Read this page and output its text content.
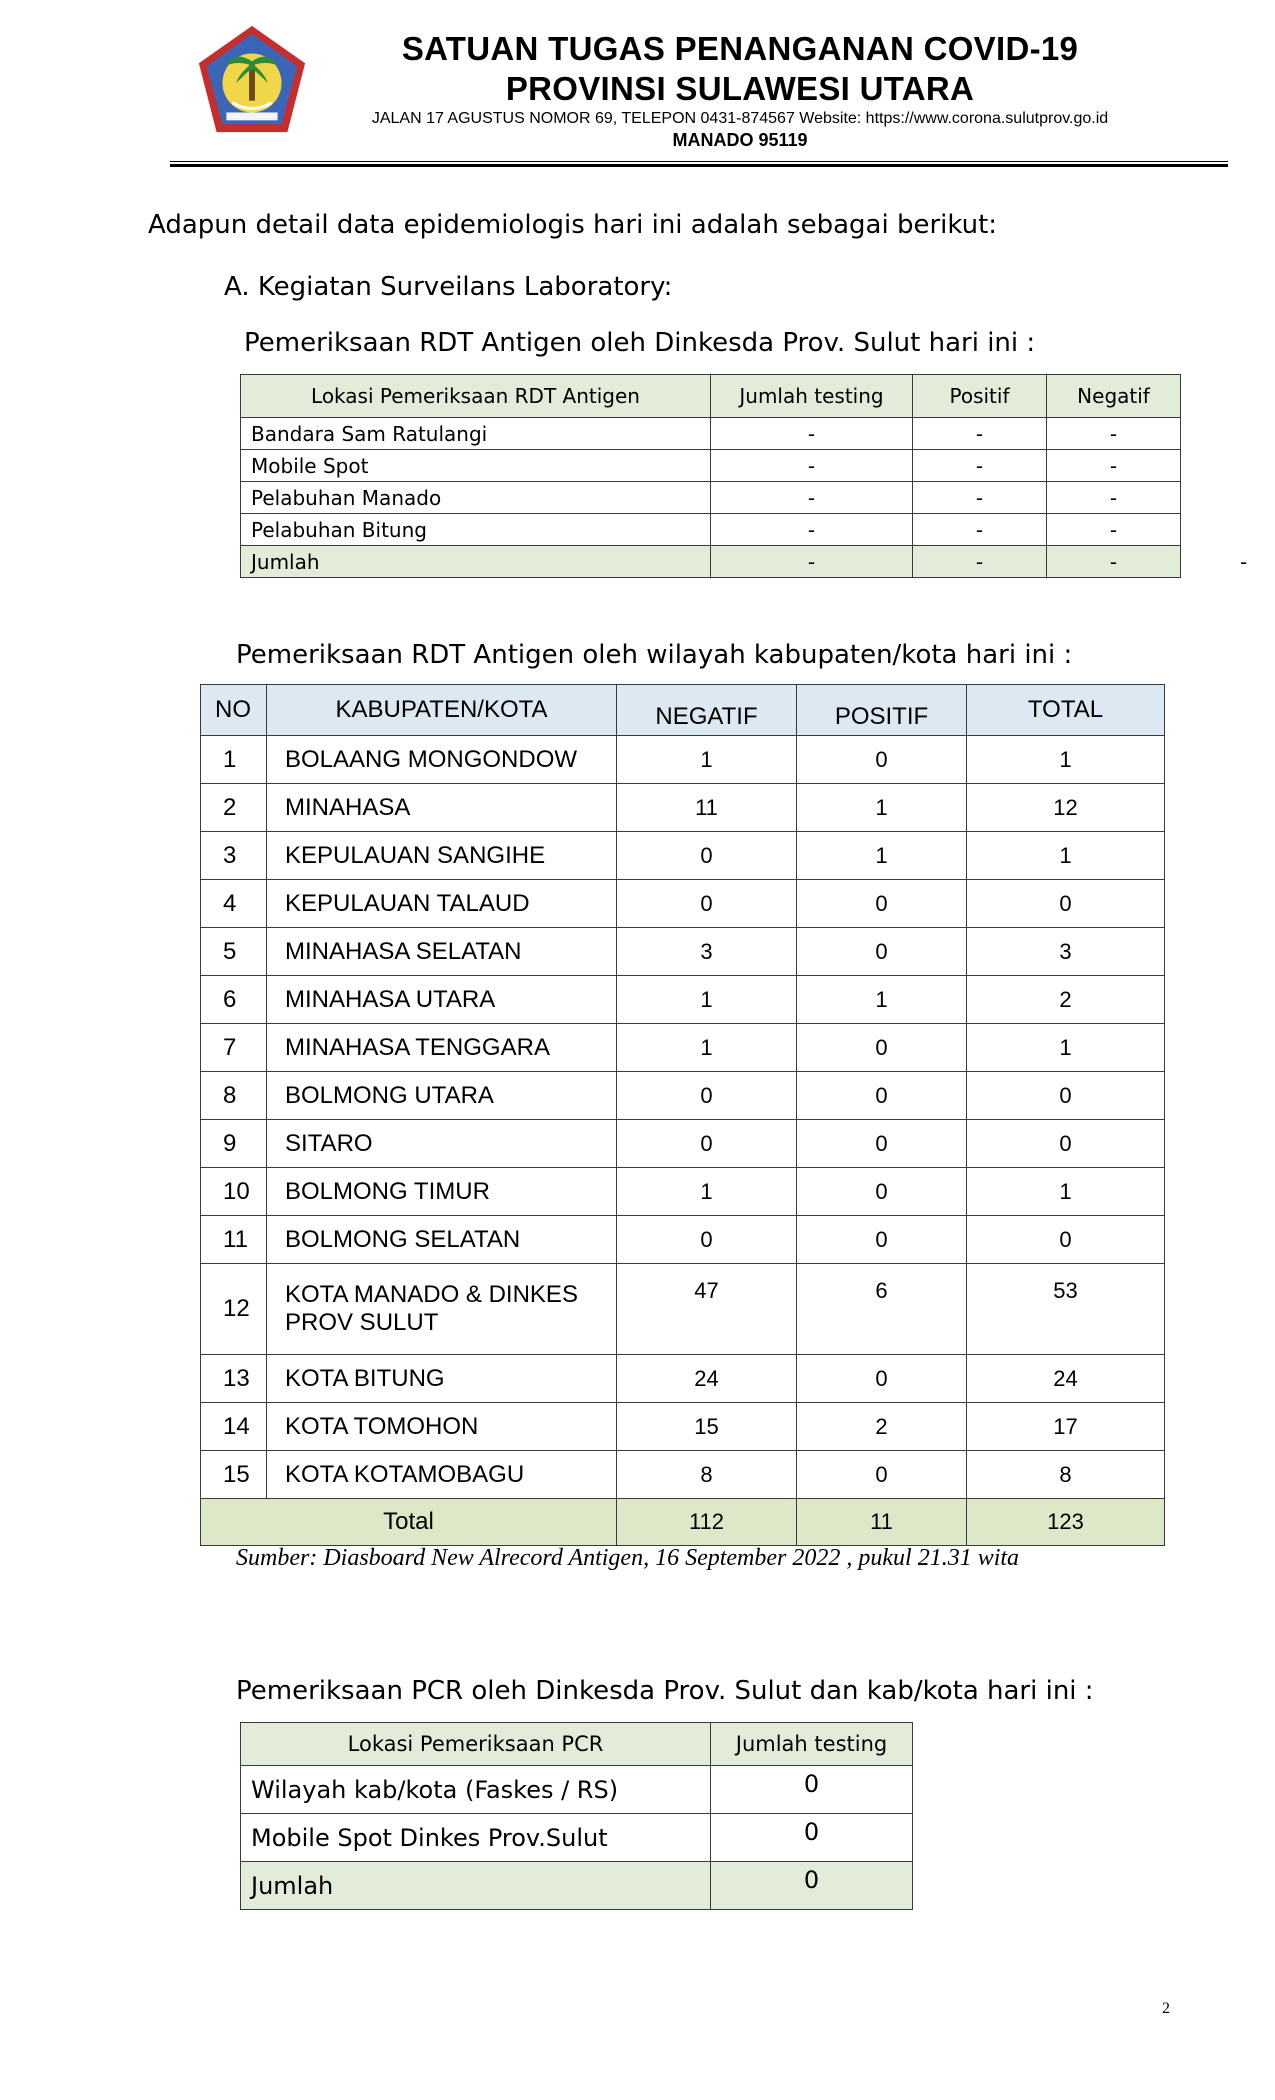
SATUAN TUGAS PENANGANAN COVID-19
PROVINSI SULAWESI UTARA
JALAN 17 AGUSTUS NOMOR 69, TELEPON 0431-874567 Website: https://www.corona.sulutprov.go.id
MANADO 95119
Adapun detail data epidemiologis hari ini adalah sebagai berikut:
A. Kegiatan Surveilans Laboratory:
Pemeriksaan RDT Antigen oleh Dinkesda Prov. Sulut hari ini :
Lokasi Pemeriksaan RDT Antigen	Jumlah testing	Positif	Negatif
Bandara Sam Ratulangi	-	-	-
Mobile Spot	-	-	-
Pelabuhan Manado	-	-	-
Pelabuhan Bitung	-	-	-
Jumlah	-	-	-	-
Pemeriksaan RDT Antigen oleh wilayah kabupaten/kota hari ini :
NO	KABUPATEN/KOTA	NEGATIF	POSITIF	TOTAL
1	BOLAANG MONGONDOW	1	0	1
2	MINAHASA	11	1	12
3	KEPULAUAN SANGIHE	0	1	1
4	KEPULAUAN TALAUD	0	0	0
5	MINAHASA SELATAN	3	0	3
6	MINAHASA UTARA	1	1	2
7	MINAHASA TENGGARA	1	0	1
8	BOLMONG UTARA	0	0	0
9	SITARO	0	0	0
10	BOLMONG TIMUR	1	0	1
11	BOLMONG SELATAN	0	0	0
12	KOTA MANADO & DINKES PROV SULUT	47	6	53
13	KOTA BITUNG	24	0	24
14	KOTA TOMOHON	15	2	17
15	KOTA KOTAMOBAGU	8	0	8
Total		112	11	123
Sumber: Diasboard New Alrecord Antigen, 16 September 2022 , pukul 21.31 wita
Pemeriksaan PCR oleh Dinkesda Prov. Sulut dan kab/kota hari ini :
Lokasi Pemeriksaan PCR	Jumlah testing
Wilayah kab/kota (Faskes / RS)	0
Mobile Spot Dinkes Prov.Sulut	0
Jumlah	0
2
